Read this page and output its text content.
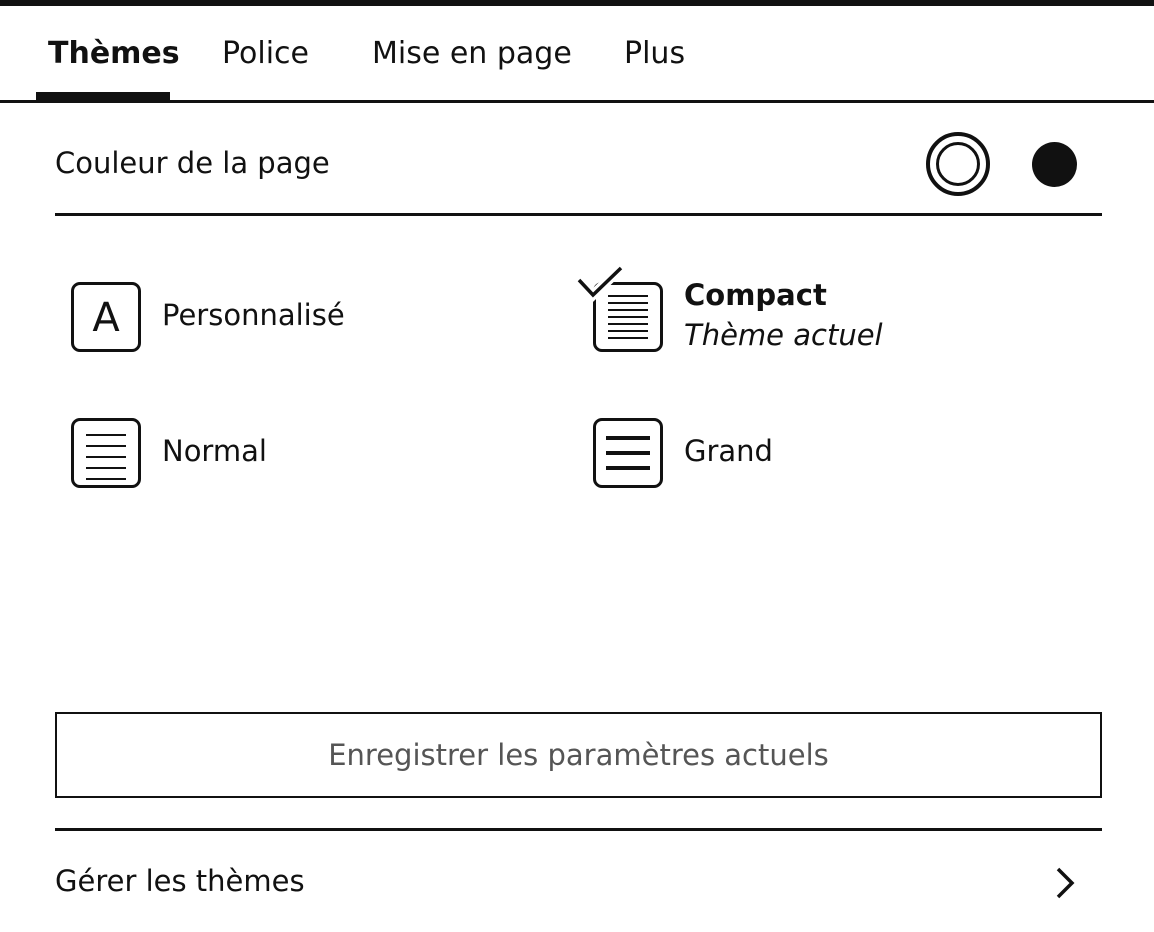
Thèmes Police Mise en page Plus
Couleur de la page
A	Personnalisé
Compact
Thème actuel
Normal	Grand
Enregistrer les paramètres actuels
Gérer les thèmes
